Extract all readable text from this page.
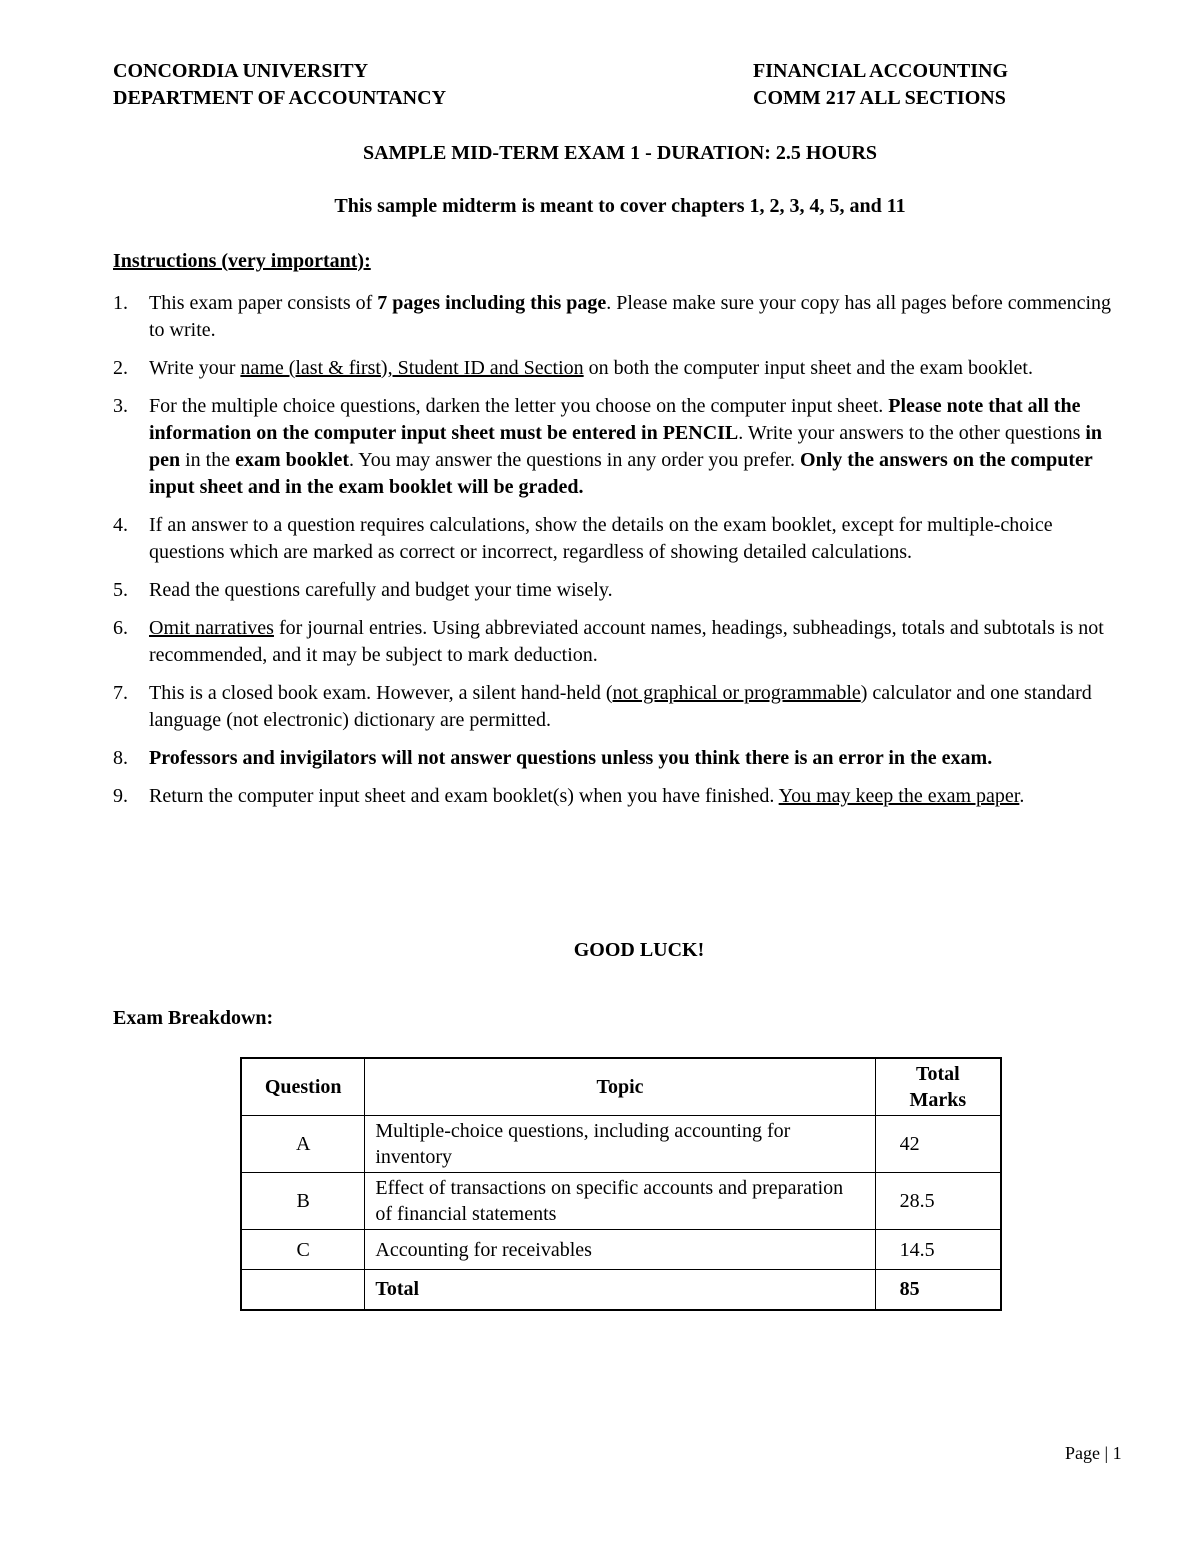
CONCORDIA UNIVERSITY
DEPARTMENT OF ACCOUNTANCY
FINANCIAL ACCOUNTING
COMM 217 ALL SECTIONS
SAMPLE MID-TERM EXAM 1 - DURATION: 2.5 HOURS
This sample midterm is meant to cover chapters 1, 2, 3, 4, 5, and 11
Instructions (very important):
1. This exam paper consists of 7 pages including this page. Please make sure your copy has all pages before commencing to write.
2. Write your name (last & first), Student ID and Section on both the computer input sheet and the exam booklet.
3. For the multiple choice questions, darken the letter you choose on the computer input sheet. Please note that all the information on the computer input sheet must be entered in PENCIL. Write your answers to the other questions in pen in the exam booklet. You may answer the questions in any order you prefer. Only the answers on the computer input sheet and in the exam booklet will be graded.
4. If an answer to a question requires calculations, show the details on the exam booklet, except for multiple-choice questions which are marked as correct or incorrect, regardless of showing detailed calculations.
5. Read the questions carefully and budget your time wisely.
6. Omit narratives for journal entries. Using abbreviated account names, headings, subheadings, totals and subtotals is not recommended, and it may be subject to mark deduction.
7. This is a closed book exam. However, a silent hand-held (not graphical or programmable) calculator and one standard language (not electronic) dictionary are permitted.
8. Professors and invigilators will not answer questions unless you think there is an error in the exam.
9. Return the computer input sheet and exam booklet(s) when you have finished. You may keep the exam paper.
GOOD LUCK!
Exam Breakdown:
Question	Topic	Total Marks
A	Multiple-choice questions, including accounting for inventory	42
B	Effect of transactions on specific accounts and preparation of financial statements	28.5
C	Accounting for receivables	14.5
	Total	85
Page | 1
